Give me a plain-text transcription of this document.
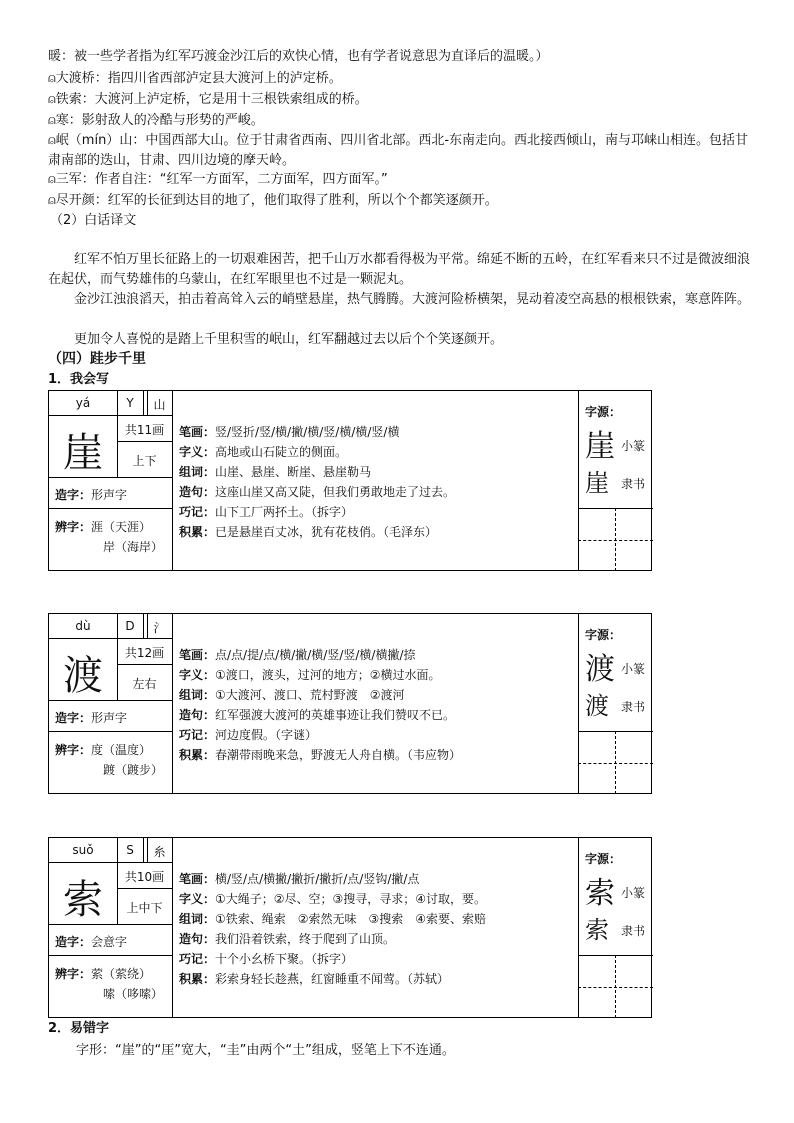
暖：被一些学者指为红军巧渡金沙江后的欢快心情，也有学者说意思为直译后的温暖。）
⍝大渡桥：指四川省西部泸定县大渡河上的泸定桥。
⍝铁索：大渡河上泸定桥，它是用十三根铁索组成的桥。
⍝寒：影射敌人的冷酷与形势的严峻。
⍝岷（mín）山：中国西部大山。位于甘肃省西南、四川省北部。西北-东南走向。西北接西倾山，南与邛崃山相连。包括甘肃南部的迭山，甘肃、四川边境的摩天岭。
⍝三军：作者自注：“红军一方面军，二方面军，四方面军。”
⍝尽开颜：红军的长征到达目的地了，他们取得了胜利，所以个个都笑逐颜开。
（2）白话译文
红军不怕万里长征路上的一切艰难困苦，把千山万水都看得极为平常。绵延不断的五岭，在红军看来只不过是微波细浪在起伏，而气势雄伟的乌蒙山，在红军眼里也不过是一颗泥丸。
金沙江浊浪滔天，拍击着高耸入云的峭壁悬崖，热气腾腾。大渡河险桥横架，晃动着凌空高悬的根根铁索，寒意阵阵。
更加令人喜悦的是踏上千里积雪的岷山，红军翻越过去以后个个笑逐颜开。
（四）跬步千里
1．我会写
yá	Y	山
崖	共11画
上下
造字：形声字
辨字：涯（天涯）
岸（海岸）
笔画：竖/竖折/竖/横/撇/横/竖/横/横/竖/横
字义：高地或山石陡立的侧面。
组词：山崖、悬崖、断崖、悬崖勒马
造句：这座山崖又高又陡，但我们勇敢地走了过去。
巧记：山下工厂两抔土。（拆字）
积累：已是悬崖百丈冰，犹有花枝俏。（毛泽东）
字源：
崖 小篆
崖 隶书
dù	D	氵
渡	共12画
左右
造字：形声字
辨字：度（温度）
踱（踱步）
笔画：点/点/提/点/横/撇/横/竖/竖/横/横撇/捺
字义：①渡口，渡头，过河的地方；②横过水面。
组词：①大渡河、渡口、荒村野渡　②渡河
造句：红军强渡大渡河的英雄事迹让我们赞叹不已。
巧记：河边度假。（字谜）
积累：春潮带雨晚来急，野渡无人舟自横。（韦应物）
字源：
渡 小篆
渡 隶书
suǒ	S	糸
索	共10画
上中下
造字：会意字
辨字：萦（萦绕）
嗦（哆嗦）
笔画：横/竖/点/横撇/撇折/撇折/点/竖钩/撇/点
字义：①大绳子；②尽、空；③搜寻，寻求；④讨取，要。
组词：①铁索、绳索　②索然无味　③搜索　④索要、索赔
造句：我们沿着铁索，终于爬到了山顶。
巧记：十个小幺桥下聚。（拆字）
积累：彩索身轻长趁燕，红窗睡重不闻莺。（苏轼）
字源：
索 小篆
索 隶书
2．易错字
字形：“崖”的“厓”宽大，“圭”由两个“土”组成，竖笔上下不连通。
